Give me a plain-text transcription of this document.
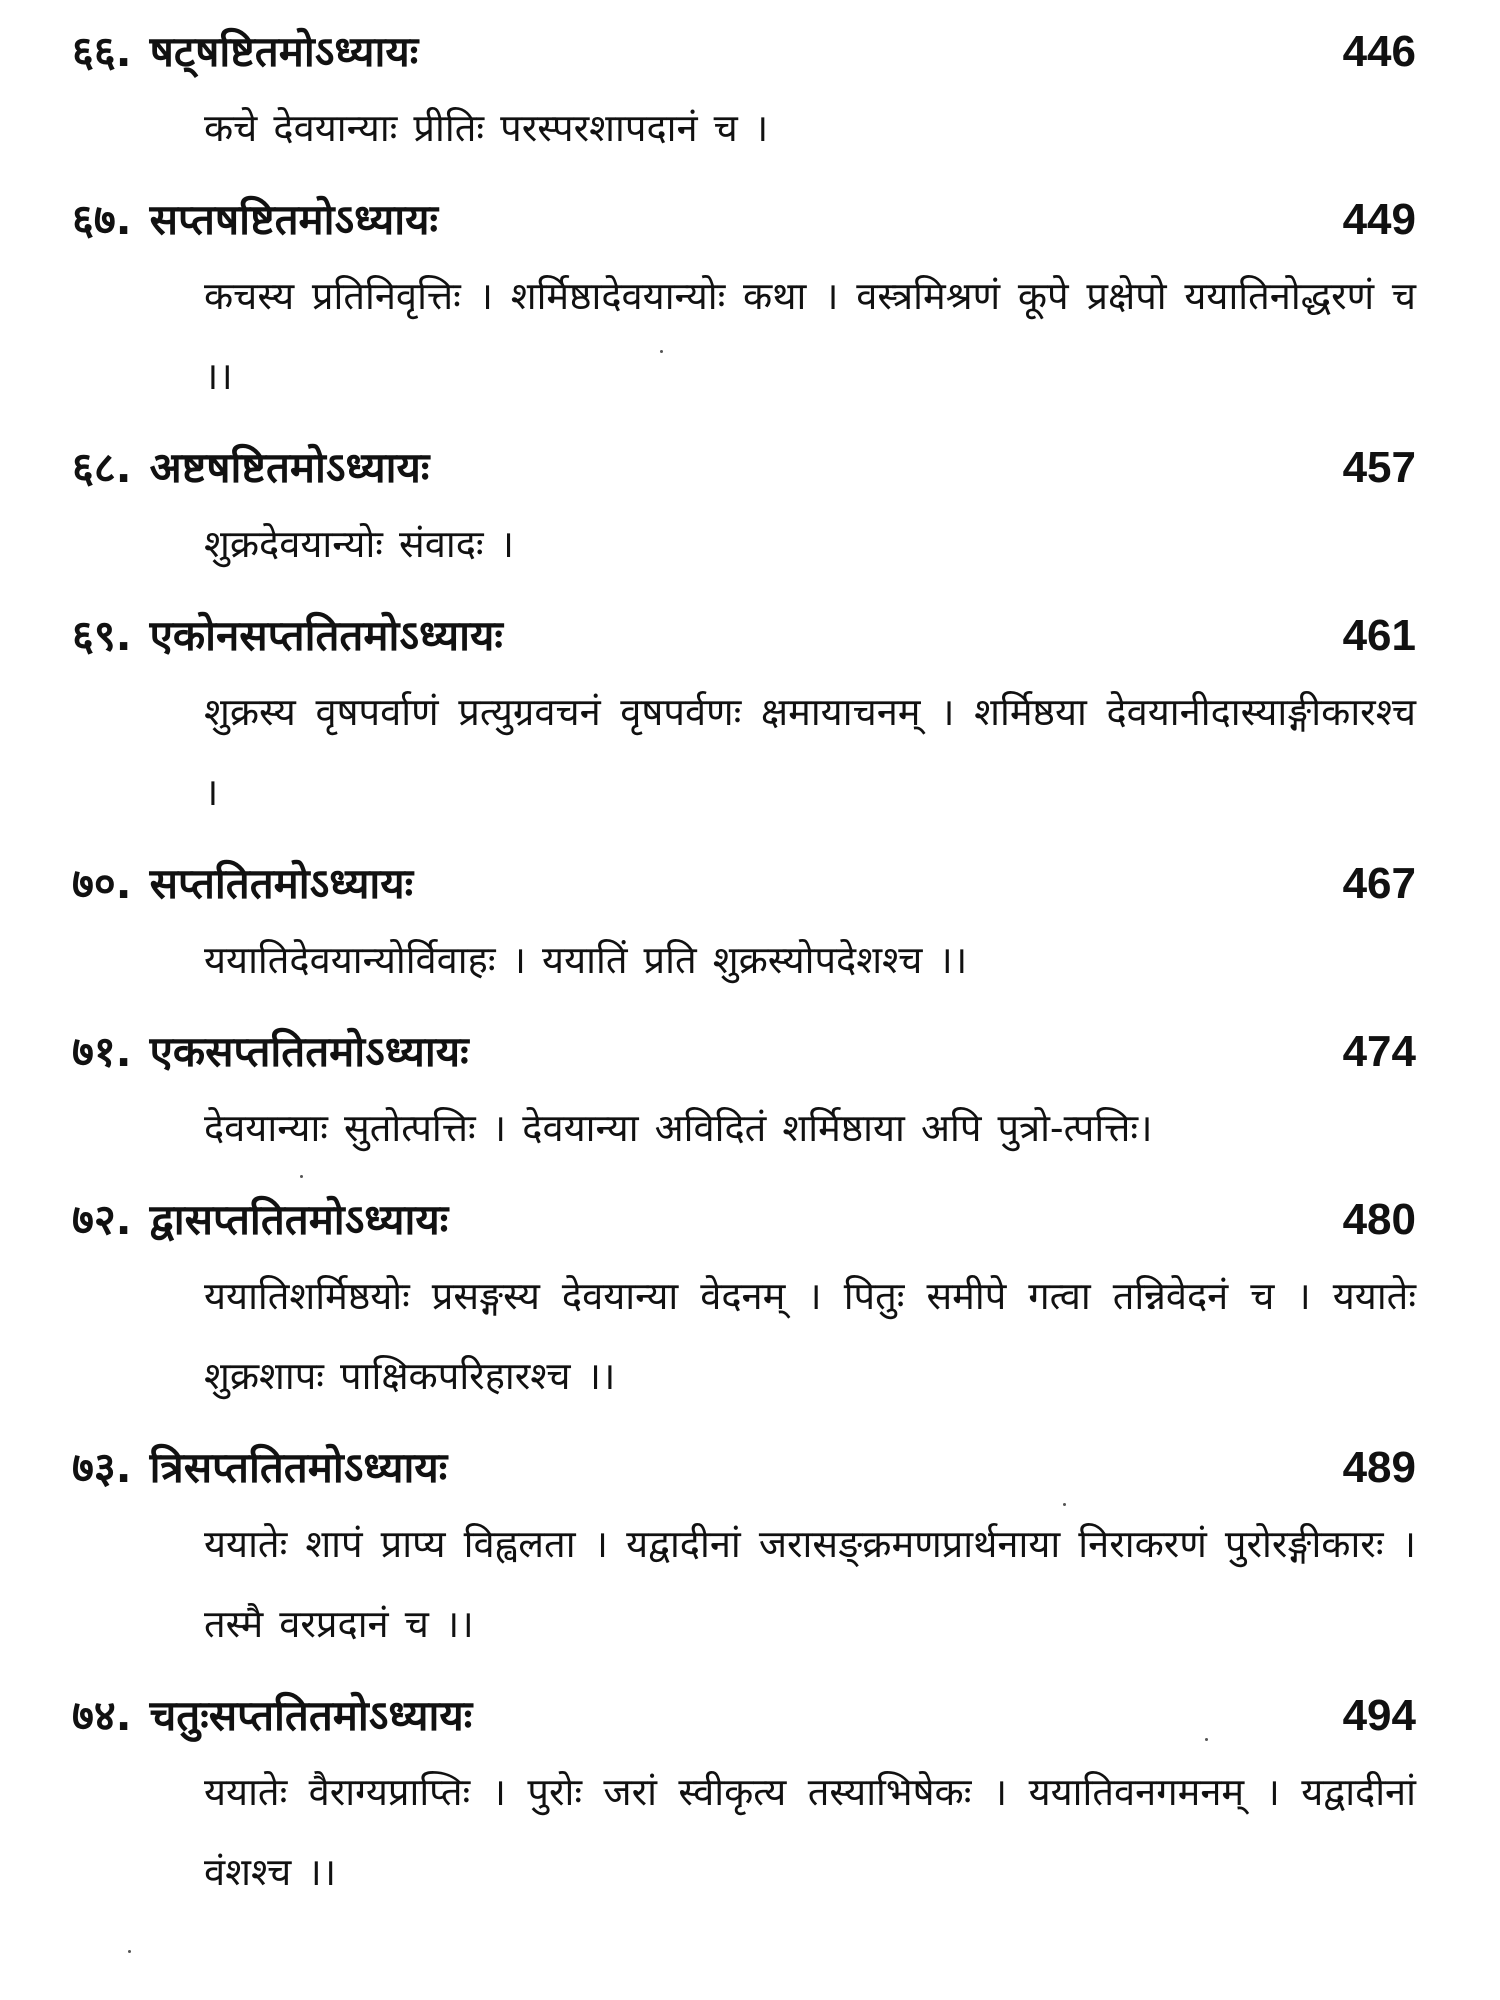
६६. षट्षष्टितमोऽध्यायः	446
कचे देवयान्याः प्रीतिः परस्परशापदानं च ।
६७. सप्तषष्टितमोऽध्यायः	449
कचस्य प्रतिनिवृत्तिः । शर्मिष्ठादेवयान्योः कथा । वस्त्रमिश्रणं कूपे प्रक्षेपो ययातिनोद्धरणं च ।।
६८. अष्टषष्टितमोऽध्यायः	457
शुक्रदेवयान्योः संवादः ।
६९. एकोनसप्ततितमोऽध्यायः	461
शुक्रस्य वृषपर्वाणं प्रत्युग्रवचनं वृषपर्वणः क्षमायाचनम् । शर्मिष्ठया देवयानीदास्याङ्गीकारश्च ।
७०. सप्ततितमोऽध्यायः	467
ययातिदेवयान्योर्विवाहः । ययातिं प्रति शुक्रस्योपदेशश्च ।।
७१. एकसप्ततितमोऽध्यायः	474
देवयान्याः सुतोत्पत्तिः । देवयान्या अविदितं शर्मिष्ठाया अपि पुत्रो-त्पत्तिः।
७२. द्वासप्ततितमोऽध्यायः	480
ययातिशर्मिष्ठयोः प्रसङ्गस्य देवयान्या वेदनम् । पितुः समीपे गत्वा तन्निवेदनं च । ययातेः शुक्रशापः पाक्षिकपरिहारश्च ।।
७३. त्रिसप्ततितमोऽध्यायः	489
ययातेः शापं प्राप्य विह्वलता । यद्वादीनां जरासङ्क्रमणप्रार्थनाया निराकरणं पुरोरङ्गीकारः । तस्मै वरप्रदानं च ।।
७४. चतुःसप्ततितमोऽध्यायः	494
ययातेः वैराग्यप्राप्तिः । पुरोः जरां स्वीकृत्य तस्याभिषेकः । ययातिवनगमनम् । यद्वादीनां वंशश्च ।।
